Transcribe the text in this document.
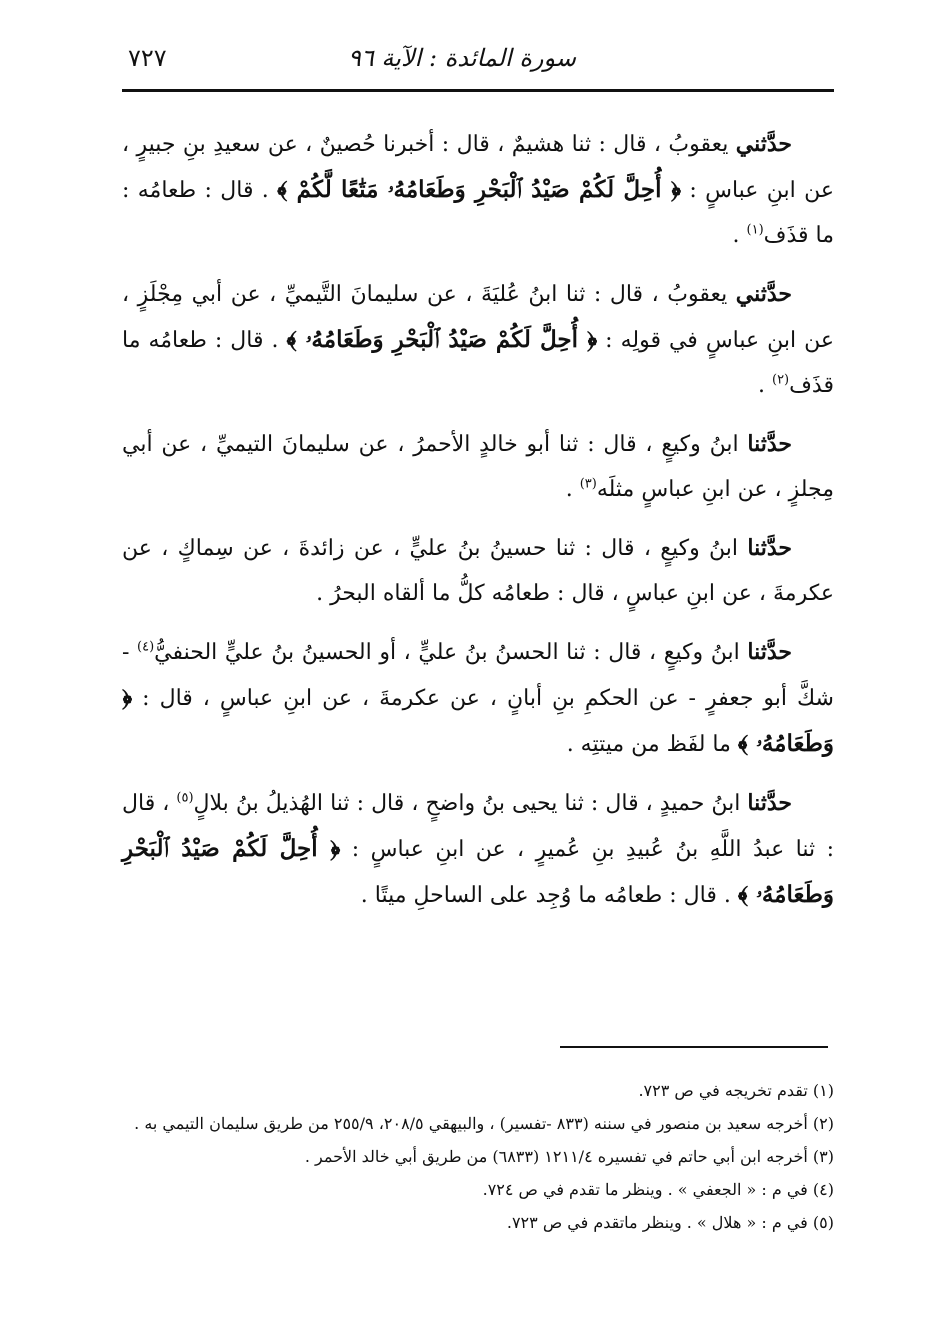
سورة المائدة : الآية ٩٦
٧٢٧

حدَّثني يعقوبُ ، قال : ثنا هشيمٌ ، قال : أخبرنا حُصينٌ ، عن سعيدِ بنِ جبيرٍ ، عن ابنِ عباسٍ : ﴿ أُحِلَّ لَكُمْ صَيْدُ ٱلْبَحْرِ وَطَعَامُهُۥ مَتَٰعًا لَّكُمْ ﴾ . قال : طعامُه : ما قذَف$^{(١)}$ .

حدَّثني يعقوبُ ، قال : ثنا ابنُ عُليَةَ ، عن سليمانَ التَّيميِّ ، عن أبي مِجْلَزٍ ، عن ابنِ عباسٍ في قولِه : ﴿ أُحِلَّ لَكُمْ صَيْدُ ٱلْبَحْرِ وَطَعَامُهُۥ ﴾ . قال : طعامُه ما قذَف$^{(٢)}$ .

حدَّثنا ابنُ وكيعٍ ، قال : ثنا أبو خالدٍ الأحمرُ ، عن سليمانَ التيميِّ ، عن أبي مِجلزٍ ، عن ابنِ عباسٍ مثلَه$^{(٣)}$ .

حدَّثنا ابنُ وكيعٍ ، قال : ثنا حسينُ بنُ عليٍّ ، عن زائدةَ ، عن سِماكٍ ، عن عكرمةَ ، عن ابنِ عباسٍ ، قال : طعامُه كلُّ ما ألقاه البحرُ .

حدَّثنا ابنُ وكيعٍ ، قال : ثنا الحسنُ بنُ عليٍّ ، أو الحسينُ بنُ عليٍّ الحنفيُّ$^{(٤)}$ - شكَّ أبو جعفرٍ - عن الحكمِ بنِ أبانٍ ، عن عكرمةَ ، عن ابنِ عباسٍ ، قال : ﴿ وَطَعَامُهُۥ ﴾ ما لفَظ من ميتتِه .

حدَّثنا ابنُ حميدٍ ، قال : ثنا يحيى بنُ واضحٍ ، قال : ثنا الهُذيلُ بنُ بلالٍ$^{(٥)}$ ، قال : ثنا عبدُ اللَّهِ بنُ عُبيدِ بنِ عُميرٍ ، عن ابنِ عباسٍ : ﴿ أُحِلَّ لَكُمْ صَيْدُ ٱلْبَحْرِ وَطَعَامُهُۥ ﴾ . قال : طعامُه ما وُجِد على الساحلِ ميتًا .

(١) تقدم تخريجه في ص ٧٢٣.

(٢) أخرجه سعيد بن منصور في سننه (٨٣٣ -تفسير) ، والبيهقي ٢٠٨/٥، ٢٥٥/٩ من طريق سليمان التيمي به .

(٣) أخرجه ابن أبي حاتم في تفسيره ١٢١١/٤ (٦٨٣٣) من طريق أبي خالد الأحمر .

(٤) في م : « الجعفي » . وينظر ما تقدم في ص ٧٢٤.

(٥) في م : « هلال » . وينظر ماتقدم في ص ٧٢٣.
